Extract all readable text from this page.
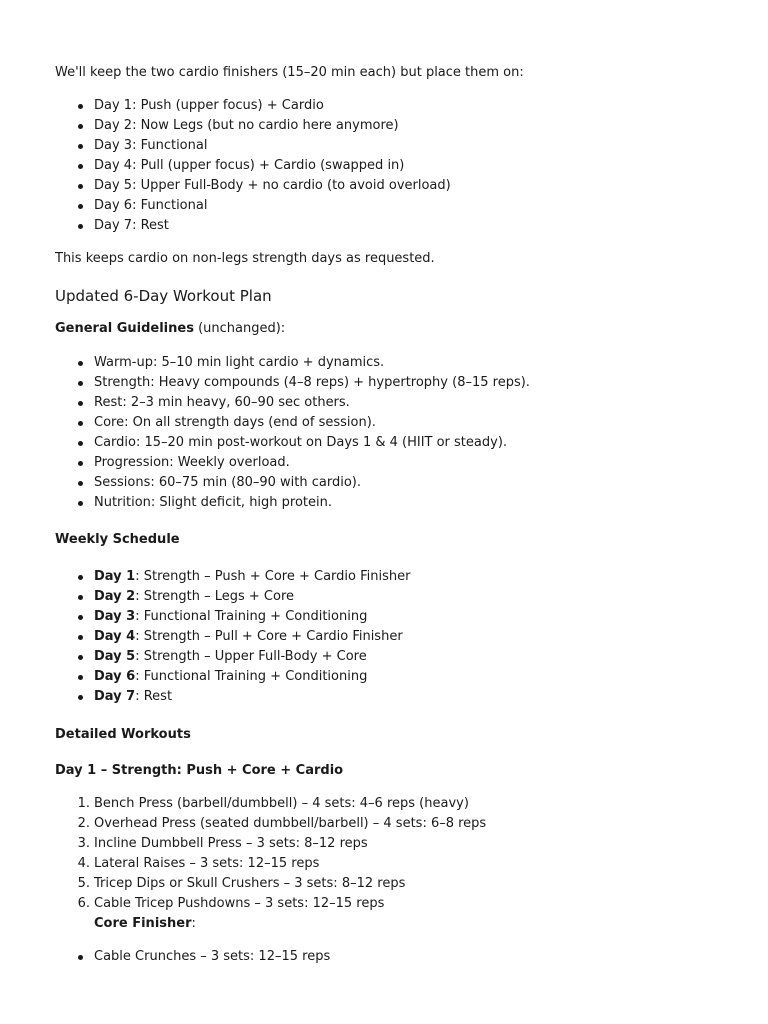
We'll keep the two cardio finishers (15–20 min each) but place them on:
Day 1: Push (upper focus) + Cardio
Day 2: Now Legs (but no cardio here anymore)
Day 3: Functional
Day 4: Pull (upper focus) + Cardio (swapped in)
Day 5: Upper Full-Body + no cardio (to avoid overload)
Day 6: Functional
Day 7: Rest
This keeps cardio on non-legs strength days as requested.
Updated 6-Day Workout Plan
General Guidelines (unchanged):
Warm-up: 5–10 min light cardio + dynamics.
Strength: Heavy compounds (4–8 reps) + hypertrophy (8–15 reps).
Rest: 2–3 min heavy, 60–90 sec others.
Core: On all strength days (end of session).
Cardio: 15–20 min post-workout on Days 1 & 4 (HIIT or steady).
Progression: Weekly overload.
Sessions: 60–75 min (80–90 with cardio).
Nutrition: Slight deficit, high protein.
Weekly Schedule
Day 1: Strength – Push + Core + Cardio Finisher
Day 2: Strength – Legs + Core
Day 3: Functional Training + Conditioning
Day 4: Strength – Pull + Core + Cardio Finisher
Day 5: Strength – Upper Full-Body + Core
Day 6: Functional Training + Conditioning
Day 7: Rest
Detailed Workouts
Day 1 – Strength: Push + Core + Cardio
1. Bench Press (barbell/dumbbell) – 4 sets: 4–6 reps (heavy)
2. Overhead Press (seated dumbbell/barbell) – 4 sets: 6–8 reps
3. Incline Dumbbell Press – 3 sets: 8–12 reps
4. Lateral Raises – 3 sets: 12–15 reps
5. Tricep Dips or Skull Crushers – 3 sets: 8–12 reps
6. Cable Tricep Pushdowns – 3 sets: 12–15 reps
Core Finisher:
Cable Crunches – 3 sets: 12–15 reps
